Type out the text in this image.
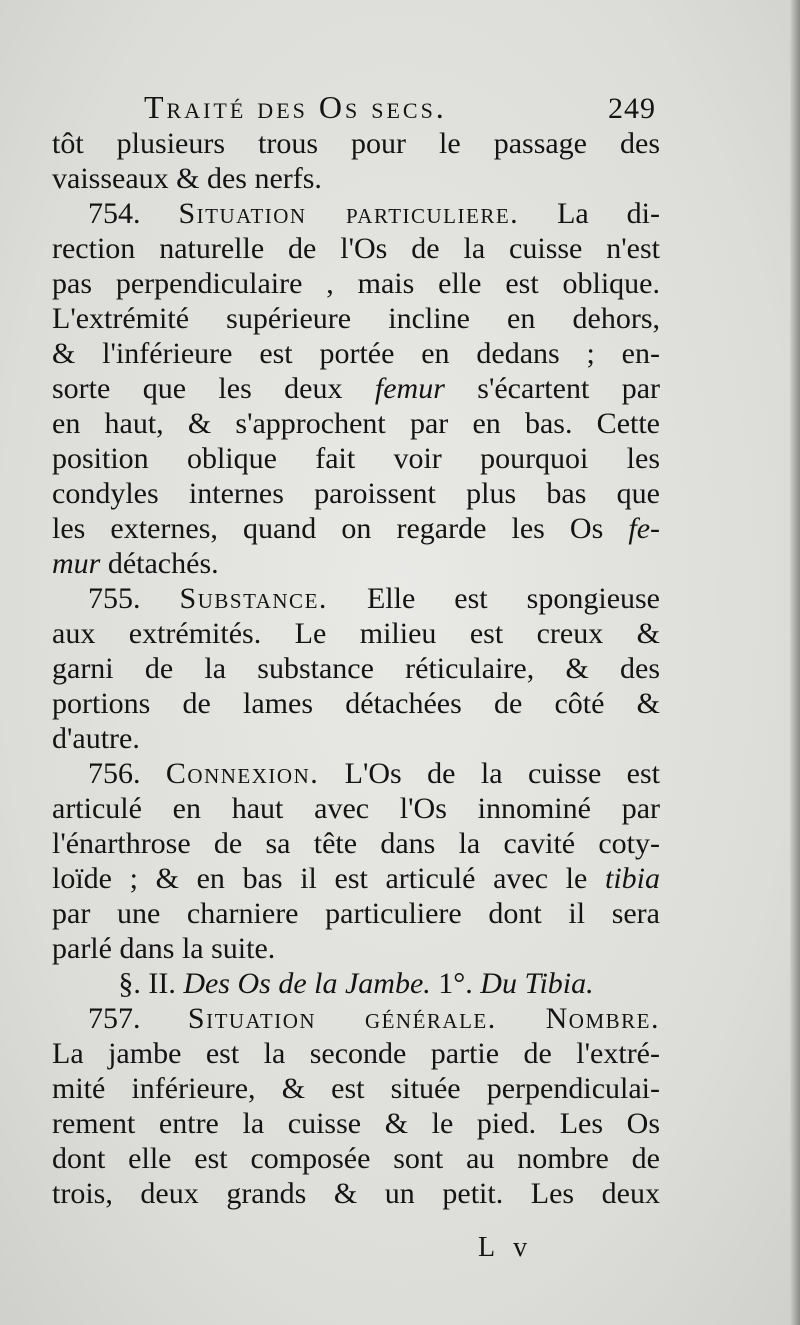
Traité des Os secs.	249
tôt plusieurs trous pour le passage des
vaisseaux & des nerfs.
754. Situation particuliere. La di-
rection naturelle de l'Os de la cuisse n'est
pas perpendiculaire , mais elle est oblique.
L'extrémité supérieure incline en dehors,
& l'inférieure est portée en dedans ; en-
sorte que les deux femur s'écartent par
en haut, & s'approchent par en bas. Cette
position oblique fait voir pourquoi les
condyles internes paroissent plus bas que
les externes, quand on regarde les Os fe-
mur détachés.
755. Substance. Elle est spongieuse
aux extrémités. Le milieu est creux &
garni de la substance réticulaire, & des
portions de lames détachées de côté &
d'autre.
756. Connexion. L'Os de la cuisse est
articulé en haut avec l'Os innominé par
l'énarthrose de sa tête dans la cavité coty-
loïde ; & en bas il est articulé avec le tibia
par une charniere particuliere dont il sera
parlé dans la suite.
§. II. Des Os de la Jambe. 1°. Du Tibia.
757. Situation générale. Nombre.
La jambe est la seconde partie de l'extré-
mité inférieure, & est située perpendiculai-
rement entre la cuisse & le pied. Les Os
dont elle est composée sont au nombre de
trois, deux grands & un petit. Les deux
L v
